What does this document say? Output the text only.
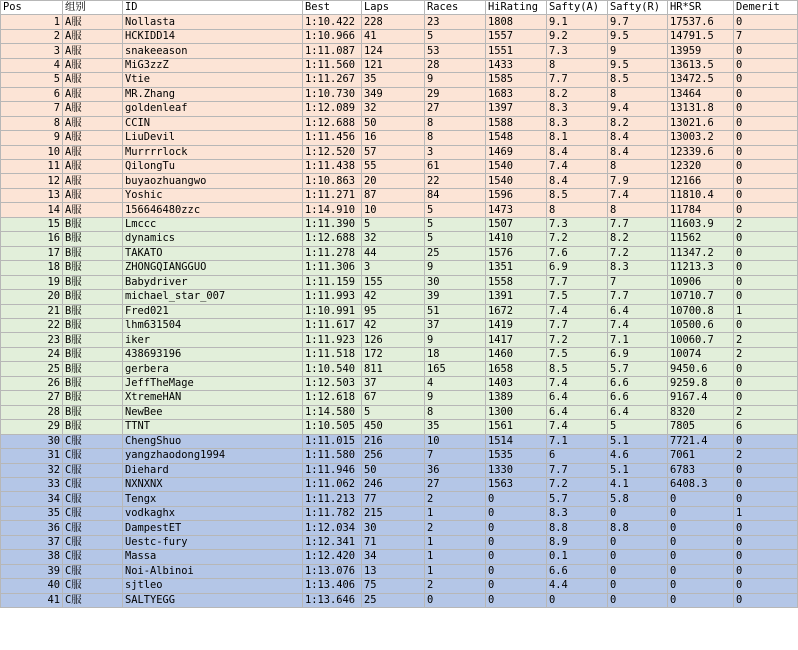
Pos	组别	ID	Best	Laps	Races	HiRating	Safty(A)	Safty(R)	HR*SR	Demerit
1	A服	Nollasta	1:10.422	228	23	1808	9.1	9.7	17537.6	0
2	A服	HCKIDD14	1:10.966	41	5	1557	9.2	9.5	14791.5	7
3	A服	snakeeason	1:11.087	124	53	1551	7.3	9	13959	0
4	A服	MiG3zzZ	1:11.560	121	28	1433	8	9.5	13613.5	0
5	A服	Vtie	1:11.267	35	9	1585	7.7	8.5	13472.5	0
6	A服	MR.Zhang	1:10.730	349	29	1683	8.2	8	13464	0
7	A服	goldenleaf	1:12.089	32	27	1397	8.3	9.4	13131.8	0
8	A服	CCIN	1:12.688	50	8	1588	8.3	8.2	13021.6	0
9	A服	LiuDevil	1:11.456	16	8	1548	8.1	8.4	13003.2	0
10	A服	Murrrrlock	1:12.520	57	3	1469	8.4	8.4	12339.6	0
11	A服	QilongTu	1:11.438	55	61	1540	7.4	8	12320	0
12	A服	buyaozhuangwo	1:10.863	20	22	1540	8.4	7.9	12166	0
13	A服	Yoshic	1:11.271	87	84	1596	8.5	7.4	11810.4	0
14	A服	156646480zzc	1:14.910	10	5	1473	8	8	11784	0
15	B服	Lmccc	1:11.390	5	5	1507	7.3	7.7	11603.9	2
16	B服	dynamics	1:12.688	32	5	1410	7.2	8.2	11562	0
17	B服	TAKATO	1:11.278	44	25	1576	7.6	7.2	11347.2	0
18	B服	ZHONGQIANGGUO	1:11.306	3	9	1351	6.9	8.3	11213.3	0
19	B服	Babydriver	1:11.159	155	30	1558	7.7	7	10906	0
20	B服	michael_star_007	1:11.993	42	39	1391	7.5	7.7	10710.7	0
21	B服	Fred021	1:10.991	95	51	1672	7.4	6.4	10700.8	1
22	B服	lhm631504	1:11.617	42	37	1419	7.7	7.4	10500.6	0
23	B服	iker	1:11.923	126	9	1417	7.2	7.1	10060.7	2
24	B服	438693196	1:11.518	172	18	1460	7.5	6.9	10074	2
25	B服	gerbera	1:10.540	811	165	1658	8.5	5.7	9450.6	0
26	B服	JeffTheMage	1:12.503	37	4	1403	7.4	6.6	9259.8	0
27	B服	XtremeHAN	1:12.618	67	9	1389	6.4	6.6	9167.4	0
28	B服	NewBee	1:14.580	5	8	1300	6.4	6.4	8320	2
29	B服	TTNT	1:10.505	450	35	1561	7.4	5	7805	6
30	C服	ChengShuo	1:11.015	216	10	1514	7.1	5.1	7721.4	0
31	C服	yangzhaodong1994	1:11.580	256	7	1535	6	4.6	7061	2
32	C服	Diehard	1:11.946	50	36	1330	7.7	5.1	6783	0
33	C服	NXNXNX	1:11.062	246	27	1563	7.2	4.1	6408.3	0
34	C服	Tengx	1:11.213	77	2	0	5.7	5.8	0	0
35	C服	vodkaghx	1:11.782	215	1	0	8.3	0	0	1
36	C服	DampestET	1:12.034	30	2	0	8.8	8.8	0	0
37	C服	Uestc-fury	1:12.341	71	1	0	8.9	0	0	0
38	C服	Massa	1:12.420	34	1	0	0.1	0	0	0
39	C服	Noi-Albinoi	1:13.076	13	1	0	6.6	0	0	0
40	C服	sjtleo	1:13.406	75	2	0	4.4	0	0	0
41	C服	SALTYEGG	1:13.646	25	0	0	0	0	0	0
